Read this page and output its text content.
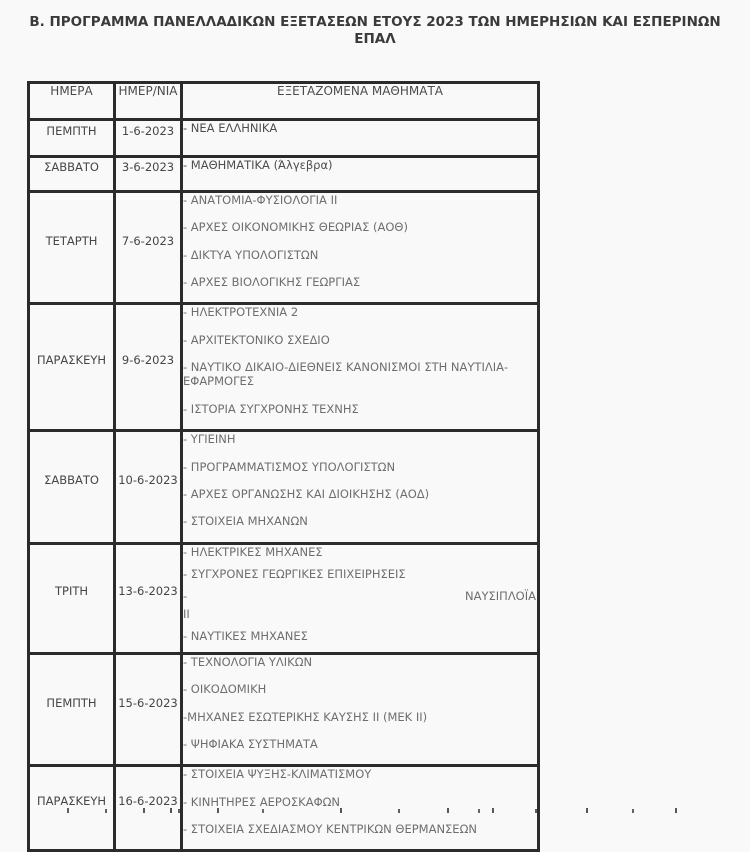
Β. ΠΡΟΓΡΑΜΜΑ ΠΑΝΕΛΛΑΔΙΚΩΝ ΕΞΕΤΑΣΕΩΝ ΕΤΟΥΣ 2023 ΤΩΝ ΗΜΕΡΗΣΙΩΝ ΚΑΙ ΕΣΠΕΡΙΝΩΝ ΕΠΑΛ
ΗΜΕΡΑ	ΗΜΕΡ/ΝΙΑ	ΕΞΕΤΑΖΟΜΕΝΑ ΜΑΘΗΜΑΤΑ
ΠΕΜΠΤΗ	1-6-2023	- ΝΕΑ ΕΛΛΗΝΙΚΑ

ΣΑΒΒΑΤΟ	3-6-2023	- ΜΑΘΗΜΑΤΙΚΑ (Άλγεβρα)

ΤΕΤΑΡΤΗ	7-6-2023	- ΑΝΑΤΟΜΙΑ-ΦΥΣΙΟΛΟΓΙΑ ΙΙ
- ΑΡΧΕΣ ΟΙΚΟΝΟΜΙΚΗΣ ΘΕΩΡΙΑΣ (ΑΟΘ)
- ΔΙΚΤΥΑ ΥΠΟΛΟΓΙΣΤΩΝ
- ΑΡΧΕΣ ΒΙΟΛΟΓΙΚΗΣ ΓΕΩΡΓΙΑΣ

ΠΑΡΑΣΚΕΥΗ	9-6-2023	- ΗΛΕΚΤΡΟΤΕΧΝΙΑ 2
- ΑΡΧΙΤΕΚΤΟΝΙΚΟ ΣΧΕΔΙΟ
- ΝΑΥΤΙΚΟ ΔΙΚΑΙΟ-ΔΙΕΘΝΕΙΣ ΚΑΝΟΝΙΣΜΟΙ ΣΤΗ ΝΑΥΤΙΛΙΑ-ΕΦΑΡΜΟΓΕΣ
- ΙΣΤΟΡΙΑ ΣΥΓΧΡΟΝΗΣ ΤΕΧΝΗΣ

ΣΑΒΒΑΤΟ	10-6-2023	- ΥΓΙΕΙΝΗ
- ΠΡΟΓΡΑΜΜΑΤΙΣΜΟΣ ΥΠΟΛΟΓΙΣΤΩΝ
- ΑΡΧΕΣ ΟΡΓΑΝΩΣΗΣ ΚΑΙ ΔΙΟΙΚΗΣΗΣ (ΑΟΔ)
- ΣΤΟΙΧΕΙΑ ΜΗΧΑΝΩΝ

ΤΡΙΤΗ	13-6-2023	
- ΗΛΕΚΤΡΙΚΕΣ ΜΗΧΑΝΕΣ
- ΣΥΓΧΡΟΝΕΣ ΓΕΩΡΓΙΚΕΣ ΕΠΙΧΕΙΡΗΣΕΙΣ
-	ΝΑΥΣΙΠΛΟΪΑ
ΙΙ
- ΝΑΥΤΙΚΕΣ ΜΗΧΑΝΕΣ

ΠΕΜΠΤΗ	15-6-2023	- ΤΕΧΝΟΛΟΓΙΑ ΥΛΙΚΩΝ
- ΟΙΚΟΔΟΜΙΚΗ
-ΜΗΧΑΝΕΣ ΕΣΩΤΕΡΙΚΗΣ ΚΑΥΣΗΣ ΙΙ (ΜΕΚ ΙΙ)
- ΨΗΦΙΑΚΑ ΣΥΣΤΗΜΑΤΑ

ΠΑΡΑΣΚΕΥΗ	16-6-2023	- ΣΤΟΙΧΕΙΑ ΨΥΞΗΣ-ΚΛΙΜΑΤΙΣΜΟΥ
- ΚΙΝΗΤΗΡΕΣ ΑΕΡΟΣΚΑΦΩΝ
- ΣΤΟΙΧΕΙΑ ΣΧΕΔΙΑΣΜΟΥ ΚΕΝΤΡΙΚΩΝ ΘΕΡΜΑΝΣΕΩΝ
